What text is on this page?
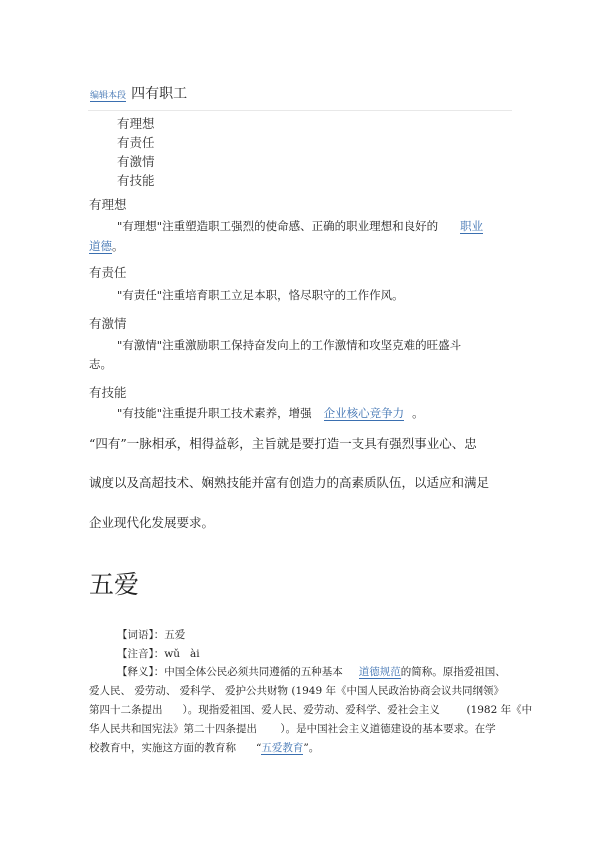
编辑本段 四有职工
有理想
有责任
有激情
有技能
有理想
"有理想"注重塑造职工强烈的使命感、正确的职业理想和良好的 职业
道德。
有责任
"有责任"注重培育职工立足本职，恪尽职守的工作作风。
有激情
"有激情"注重激励职工保持奋发向上的工作激情和攻坚克难的旺盛斗
志。
有技能
"有技能"注重提升职工技术素养，增强 企业核心竞争力 。
“四有”一脉相承，相得益彰，主旨就是要打造一支具有强烈事业心、忠
诚度以及高超技术、娴熟技能并富有创造力的高素质队伍，以适应和满足
企业现代化发展要求。
五爱
【词语】：五爱
【注音】：wǔ   ài
【释义】：中国全体公民必须共同遵循的五种基本 道德规范的简称。原指爱祖国、
爱人民、 爱劳动、 爱科学、 爱护公共财物 (1949 年《中国人民政治协商会议共同纲领》
第四十二条提出      ）。现指爱祖国、爱人民、爱劳动、爱科学、爱社会主义        (1982 年《中
华人民共和国宪法》第二十四条提出       ）。是中国社会主义道德建设的基本要求。在学
校教育中，实施这方面的教育称      “五爱教育”。
